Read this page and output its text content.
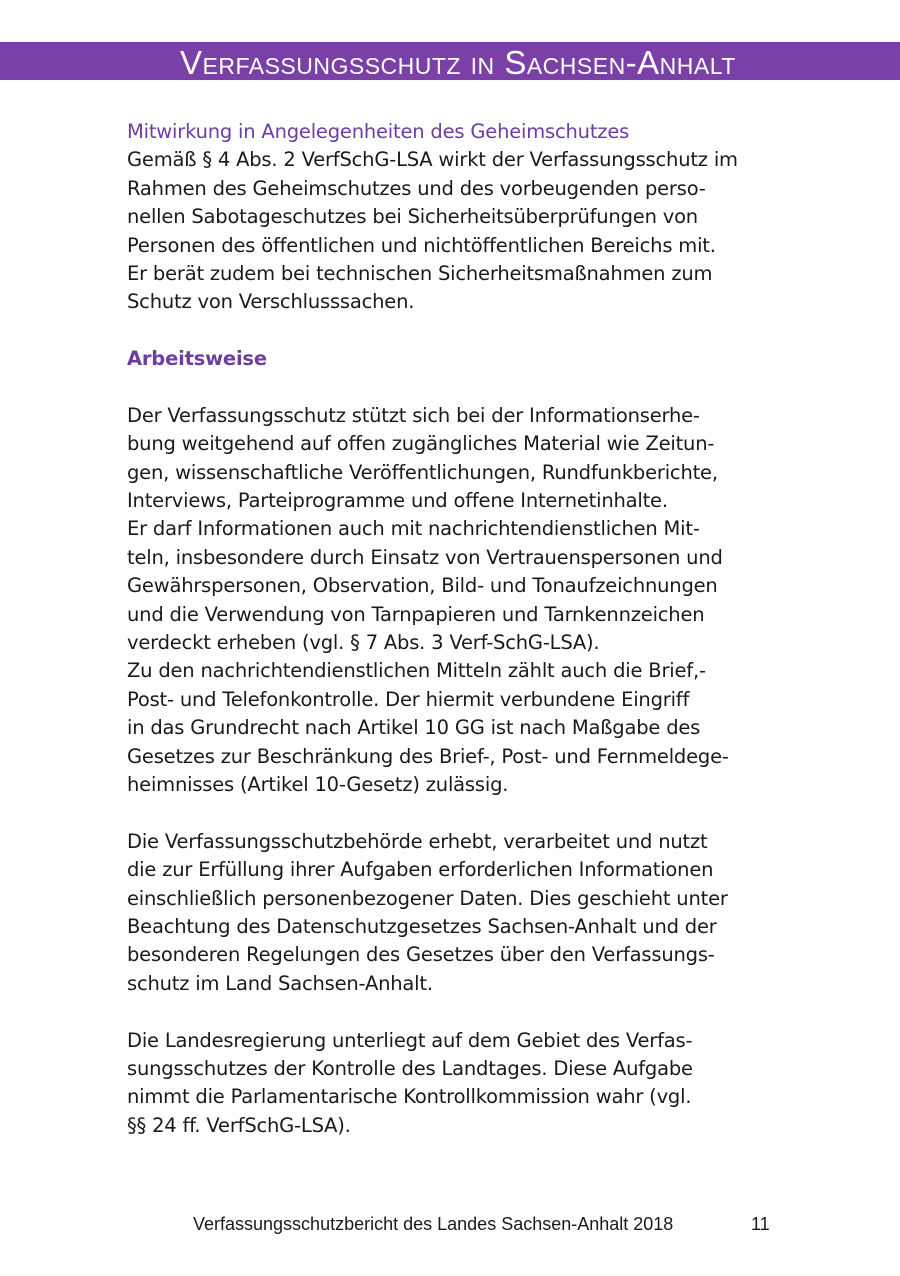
Verfassungsschutz in Sachsen-Anhalt
Mitwirkung in Angelegenheiten des Geheimschutzes
Gemäß § 4 Abs. 2 VerfSchG-LSA wirkt der Verfassungsschutz im
Rahmen des Geheimschutzes und des vorbeugenden perso-
nellen Sabotageschutzes bei Sicherheitsüberprüfungen von
Personen des öffentlichen und nichtöffentlichen Bereichs mit.
Er berät zudem bei technischen Sicherheitsmaßnahmen zum
Schutz von Verschlusssachen.
Arbeitsweise
Der Verfassungsschutz stützt sich bei der Informationserhe-
bung weitgehend auf offen zugängliches Material wie Zeitun-
gen, wissenschaftliche Veröffentlichungen, Rundfunkberichte,
Interviews, Parteiprogramme und offene Internetinhalte.
Er darf Informationen auch mit nachrichtendienstlichen Mit-
teln, insbesondere durch Einsatz von Vertrauenspersonen und
Gewährspersonen, Observation, Bild- und Tonaufzeichnungen
und die Verwendung von Tarnpapieren und Tarnkennzeichen
verdeckt erheben (vgl. § 7 Abs. 3 Verf-SchG-LSA).
Zu den nachrichtendienstlichen Mitteln zählt auch die Brief,-
Post- und Telefonkontrolle. Der hiermit verbundene Eingriff
in das Grundrecht nach Artikel 10 GG ist nach Maßgabe des
Gesetzes zur Beschränkung des Brief-, Post- und Fernmeldege-
heimnisses (Artikel 10-Gesetz) zulässig.
Die Verfassungsschutzbehörde erhebt, verarbeitet und nutzt
die zur Erfüllung ihrer Aufgaben erforderlichen Informationen
einschließlich personenbezogener Daten. Dies geschieht unter
Beachtung des Datenschutzgesetzes Sachsen-Anhalt und der
besonderen Regelungen des Gesetzes über den Verfassungs-
schutz im Land Sachsen-Anhalt.
Die Landesregierung unterliegt auf dem Gebiet des Verfas-
sungsschutzes der Kontrolle des Landtages. Diese Aufgabe
nimmt die Parlamentarische Kontrollkommission wahr (vgl.
§§ 24 ff. VerfSchG-LSA).
Verfassungsschutzbericht des Landes Sachsen-Anhalt 2018	11
